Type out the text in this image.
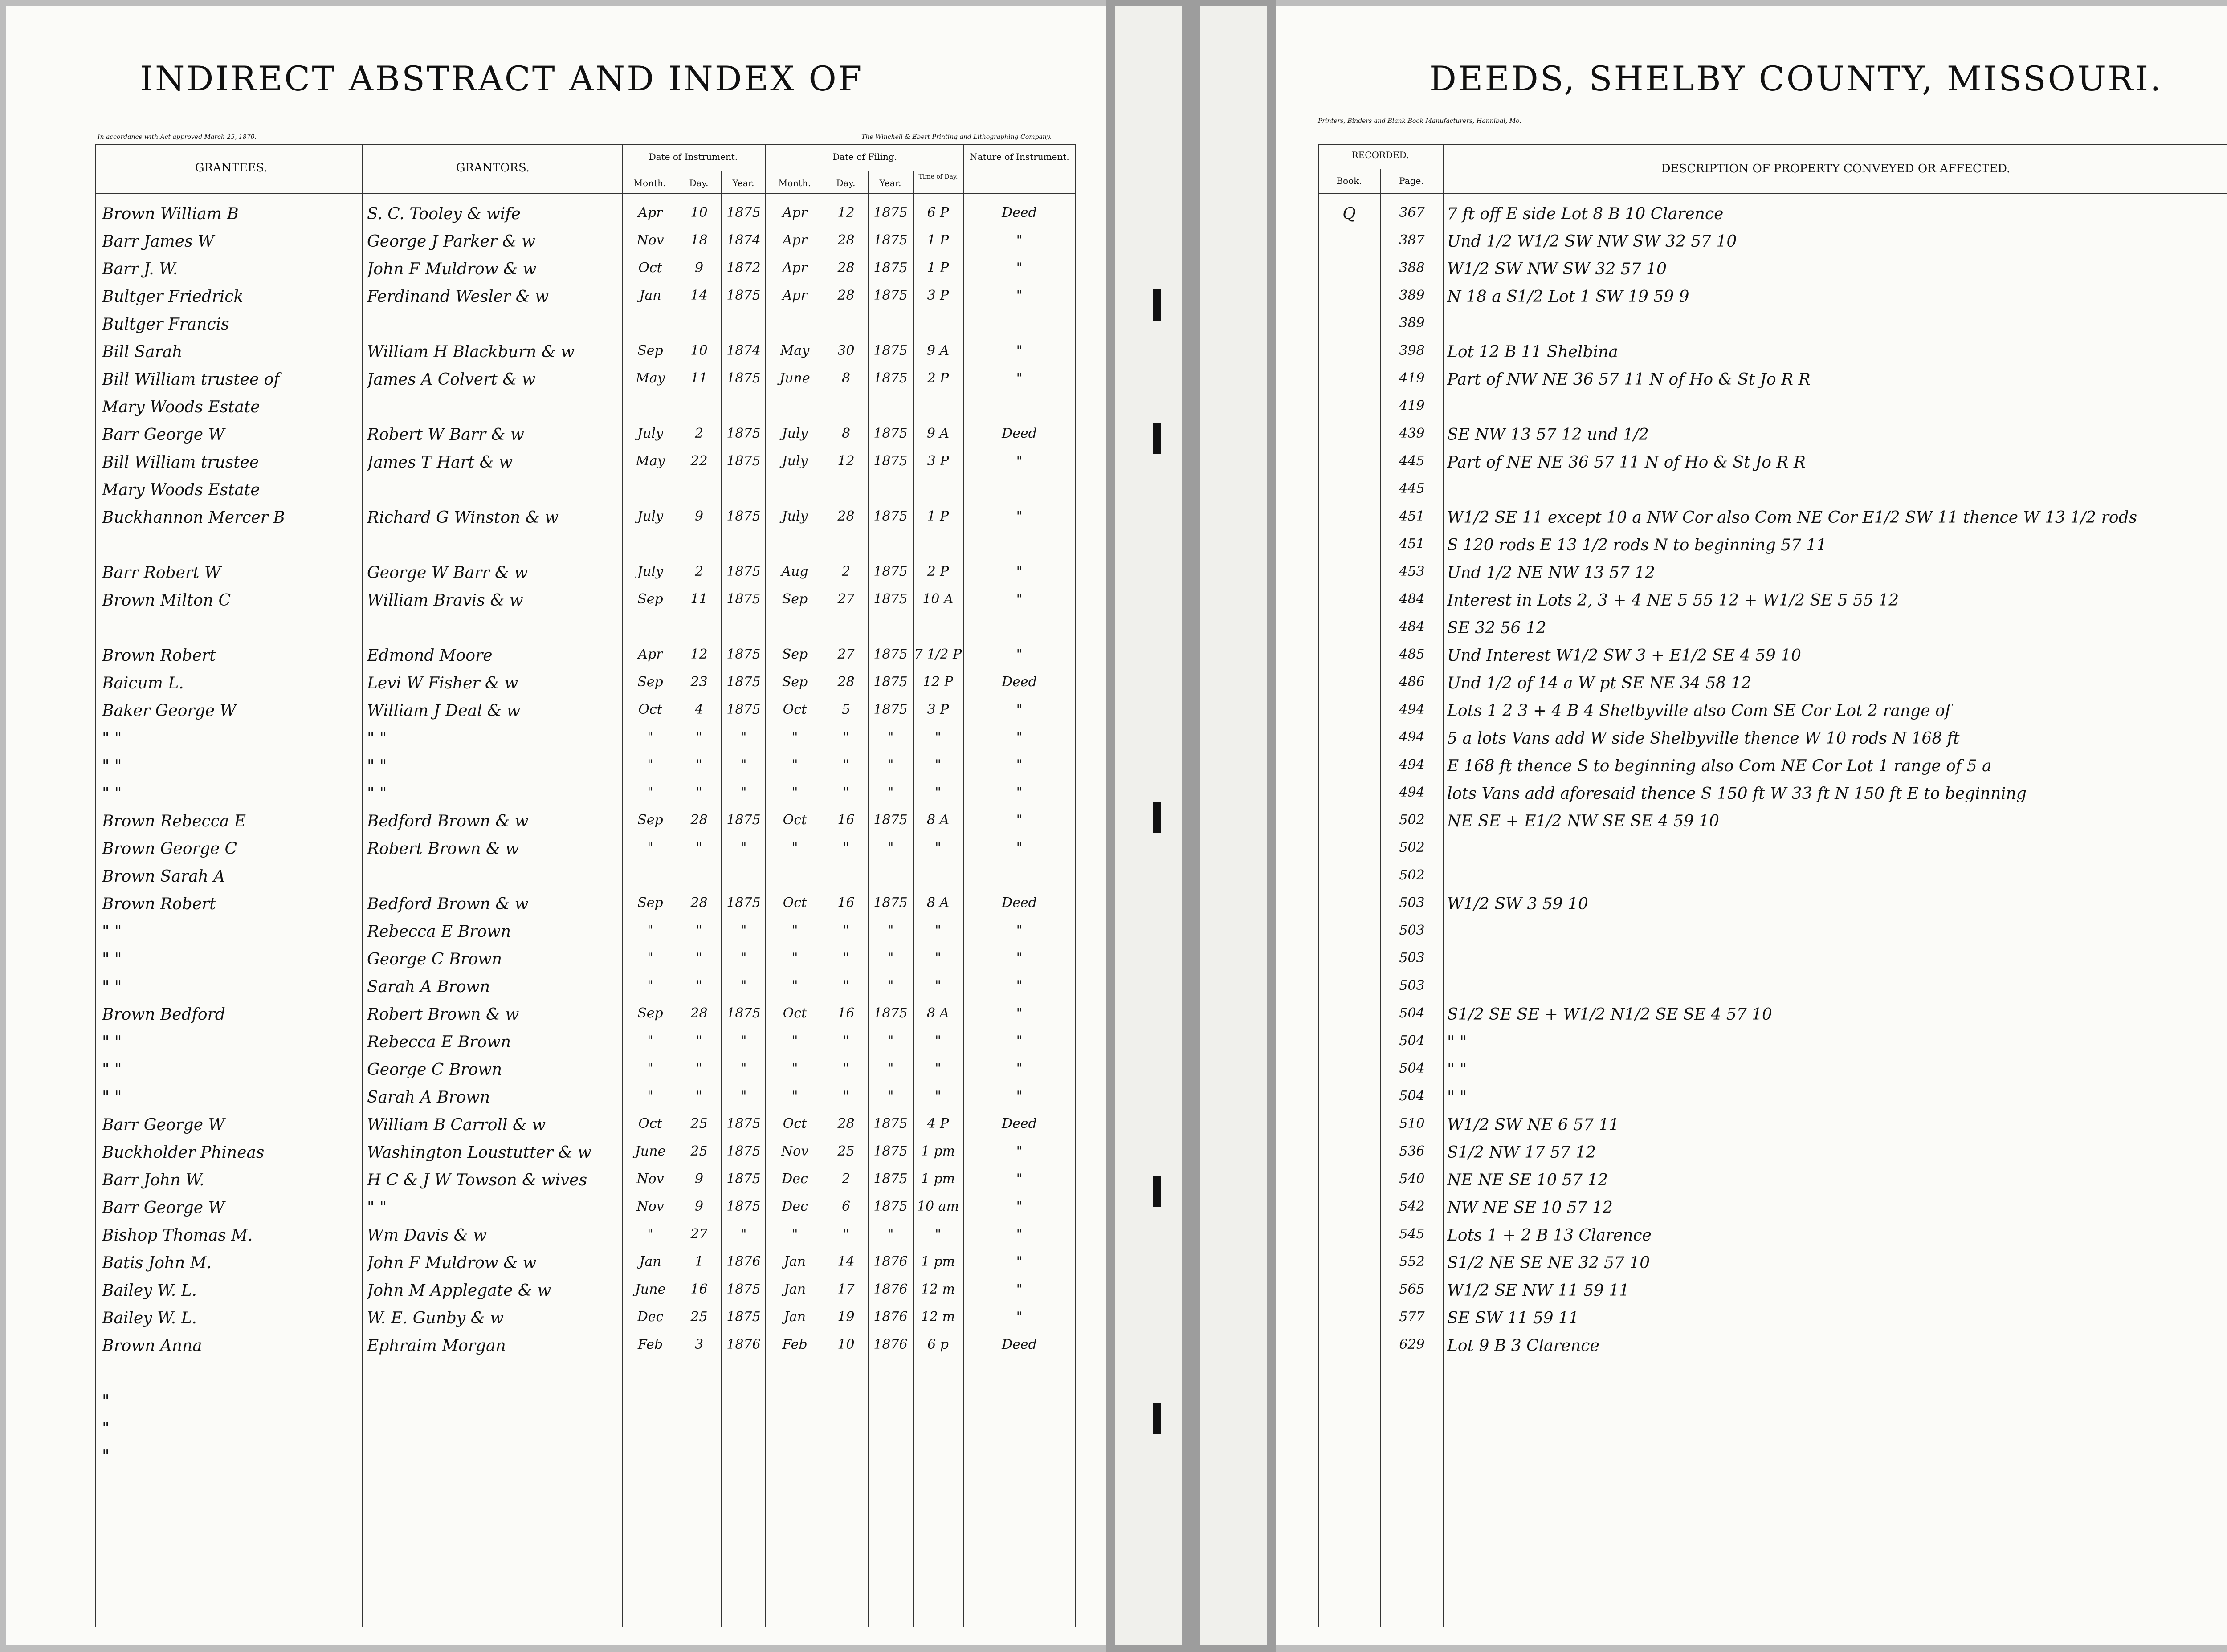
INDIRECT ABSTRACT AND INDEX OF
In accordance with Act approved March 25, 1870.	The Winchell & Ebert Printing and Lithographing Company.
GRANTEES.	GRANTORS.
Date of Instrument.	Date of Filing.	Nature of Instrument.
Month.	Day.	Year.	Month.	Day.	Year.
Time of Day.
Brown William B	S. C. Tooley & wife	Apr	10	1875	Apr	12	1875	6 P	Deed
Barr James W	George J Parker & w	Nov	18	1874	Apr	28	1875	1 P	"
Barr J. W.	John F Muldrow & w	Oct	9	1872	Apr	28	1875	1 P	"
Bultger Friedrick	Ferdinand Wesler & w	Jan	14	1875	Apr	28	1875	3 P	"
Bultger Francis
Bill Sarah	William H Blackburn & w	Sep	10	1874	May	30	1875	9 A	"
Bill William trustee of	James A Colvert & w	May	11	1875	June	8	1875	2 P	"
Mary Woods Estate
Barr George W	Robert W Barr & w	July	2	1875	July	8	1875	9 A	Deed
Bill William trustee	James T Hart & w	May	22	1875	July	12	1875	3 P	"
Mary Woods Estate
Buckhannon Mercer B	Richard G Winston & w	July	9	1875	July	28	1875	1 P	"
Barr Robert W	George W Barr & w	July	2	1875	Aug	2	1875	2 P	"
Brown Milton C	William Bravis & w	Sep	11	1875	Sep	27	1875	10 A	"
Brown Robert	Edmond Moore	Apr	12	1875	Sep	27	1875 7 1/2 P	"
Baicum L.	Levi W Fisher & w	Sep	23	1875	Sep	28	1875	12 P	Deed
Baker George W	William J Deal & w	Oct	4	1875	Oct	5	1875	3 P	"
" "	" "	"	"	"	"	"	"	"	"
" "	" "	"	"	"	"	"	"	"	"
" "	" "	"	"	"	"	"	"	"	"
Brown Rebecca E	Bedford Brown & w	Sep	28	1875	Oct	16	1875	8 A	"
Brown George C	Robert Brown & w	"	"	"	"	"	"	"	"
Brown Sarah A
Brown Robert	Bedford Brown & w	Sep	28	1875	Oct	16	1875	8 A	Deed
" "	Rebecca E Brown	"	"	"	"	"	"	"	"
" "	George C Brown	"	"	"	"	"	"	"	"
" "	Sarah A Brown	"	"	"	"	"	"	"	"
Brown Bedford	Robert Brown & w	Sep	28	1875	Oct	16	1875	8 A	"
" "	Rebecca E Brown	"	"	"	"	"	"	"	"
" "	George C Brown	"	"	"	"	"	"	"	"
" "	Sarah A Brown	"	"	"	"	"	"	"	"
Barr George W	William B Carroll & w	Oct	25	1875	Oct	28	1875	4 P	Deed
Buckholder Phineas	Washington Loustutter & w	June	25	1875	Nov	25	1875	1 pm	"
Barr John W.	H C & J W Towson & wives	Nov	9	1875	Dec	2	1875	1 pm	"
Barr George W	" "	Nov	9	1875	Dec	6	1875 10 am	"
Bishop Thomas M.	Wm Davis & w	"	27	"	"	"	"	"	"
Batis John M.	John F Muldrow & w	Jan	1	1876	Jan	14	1876	1 pm	"
Bailey W. L.	John M Applegate & w	June	16	1875	Jan	17	1876	12 m	"
Bailey W. L.	W. E. Gunby & w	Dec	25	1875	Jan	19	1876	12 m	"
Brown Anna	Ephraim Morgan	Feb	3	1876	Feb	10	1876	6 p	Deed
"
"
"
DEEDS, SHELBY COUNTY, MISSOURI.
Printers, Binders and Blank Book Manufacturers, Hannibal, Mo.
RECORDED.
Book.	Page.
DESCRIPTION OF PROPERTY CONVEYED OR AFFECTED.
Q	367	7 ft off E side Lot 8 B 10 Clarence
387	Und 1/2 W1/2 SW NW SW 32 57 10
388	W1/2 SW NW SW 32 57 10
389	N 18 a S1/2 Lot 1 SW 19 59 9
389
398	Lot 12 B 11 Shelbina
419	Part of NW NE 36 57 11 N of Ho & St Jo R R
419
439	SE NW 13 57 12 und 1/2
445	Part of NE NE 36 57 11 N of Ho & St Jo R R
445
451	W1/2 SE 11 except 10 a NW Cor also Com NE Cor E1/2 SW 11 thence W 13 1/2 rods
451	S 120 rods E 13 1/2 rods N to beginning 57 11
453	Und 1/2 NE NW 13 57 12
484	Interest in Lots 2, 3 + 4 NE 5 55 12 + W1/2 SE 5 55 12
484	SE 32 56 12
485	Und Interest W1/2 SW 3 + E1/2 SE 4 59 10
486	Und 1/2 of 14 a W pt SE NE 34 58 12
494	Lots 1 2 3 + 4 B 4 Shelbyville also Com SE Cor Lot 2 range of
494	5 a lots Vans add W side Shelbyville thence W 10 rods N 168 ft
494	E 168 ft thence S to beginning also Com NE Cor Lot 1 range of 5 a
494	lots Vans add aforesaid thence S 150 ft W 33 ft N 150 ft E to beginning
502	NE SE + E1/2 NW SE SE 4 59 10
502
502
503	W1/2 SW 3 59 10
503
503
503
504	S1/2 SE SE + W1/2 N1/2 SE SE 4 57 10
504	" "
504	" "
504	" "
510	W1/2 SW NE 6 57 11
536	S1/2 NW 17 57 12
540	NE NE SE 10 57 12
542	NW NE SE 10 57 12
545	Lots 1 + 2 B 13 Clarence
552	S1/2 NE SE NE 32 57 10
565	W1/2 SE NW 11 59 11
577	SE SW 11 59 11
629	Lot 9 B 3 Clarence
